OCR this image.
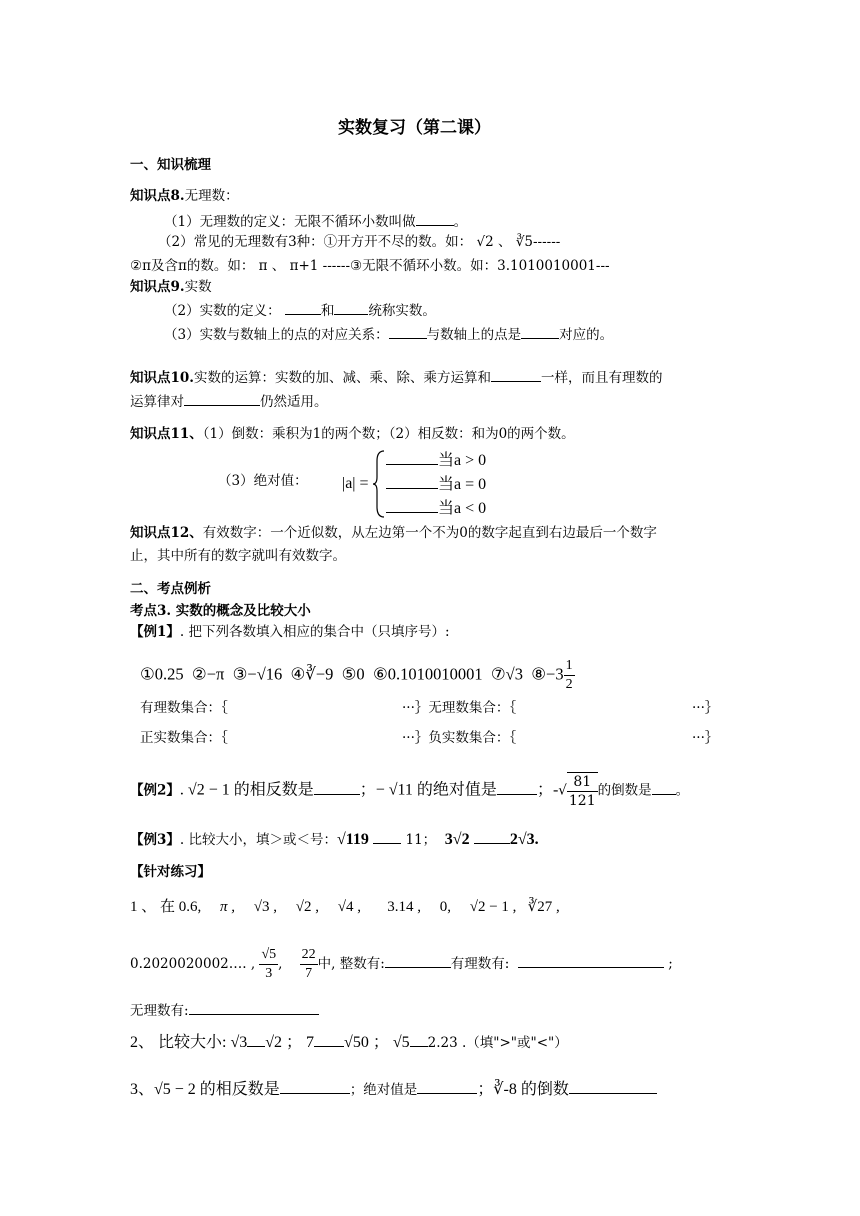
实数复习（第二课）
一、知识梳理
知识点8.无理数：
（1）无理数的定义：无限不循环小数叫做	。
（2）常见的无理数有3种：①开方开不尽的数。如： √2 、 ∛5------
②π及含π的数。如： π 、 π+1 ------③无限不循环小数。如：3.1010010001---
知识点9.实数
（2）实数的定义：	和	统称实数。
（3）实数与数轴上的点的对应关系：	与数轴上的点是	对应的。
知识点10.实数的运算：实数的加、减、乘、除、乘方运算和	一样，而且有理数的
运算律对	仍然适用。
知识点11、（1）倒数：乘积为1的两个数；（2）相反数：和为0的两个数。
（3）绝对值： |a| =
当a > 0
当a = 0
当a < 0
知识点12、有效数字：一个近似数，从左边第一个不为0的数字起直到右边最后一个数字
止，其中所有的数字就叫有效数字。
二、考点例析
考点3. 实数的概念及比较大小
【例1】. 把下列各数填入相应的集合中（只填序号）:
①0.25 ②−π ③−√16 ④∛−9 ⑤0 ⑥0.1010010001 ⑦√3 ⑧−3 $\frac{1}{2}$
有理数集合：｛	···｝无理数集合：｛	···｝
正实数集合：｛	···｝负实数集合：｛	···｝
【例2】. √2 − 1 的相反数是	；− √11 的绝对值是	；-√ $\frac{81}{121}$ 的倒数是 。
【例3】. 比较大小，填＞或＜号：√119	11； 3√2	2√3.
【针对练习】
1 、 在 0.6, π , √3 , √2 , √4 , 3.14 , 0, √2 − 1 , ∛27 ,
0.2020020002…. , $\frac{√5}{3}$ , $\frac{22}{7}$ 中, 整数有:	有理数有:	;
无理数有:
2、 比较大小: √3 √2 ； 7 √50 ； √5 2.23 .（填">"或"<"）
3、√5 − 2 的相反数是	；绝对值是	；∛-8 的倒数
